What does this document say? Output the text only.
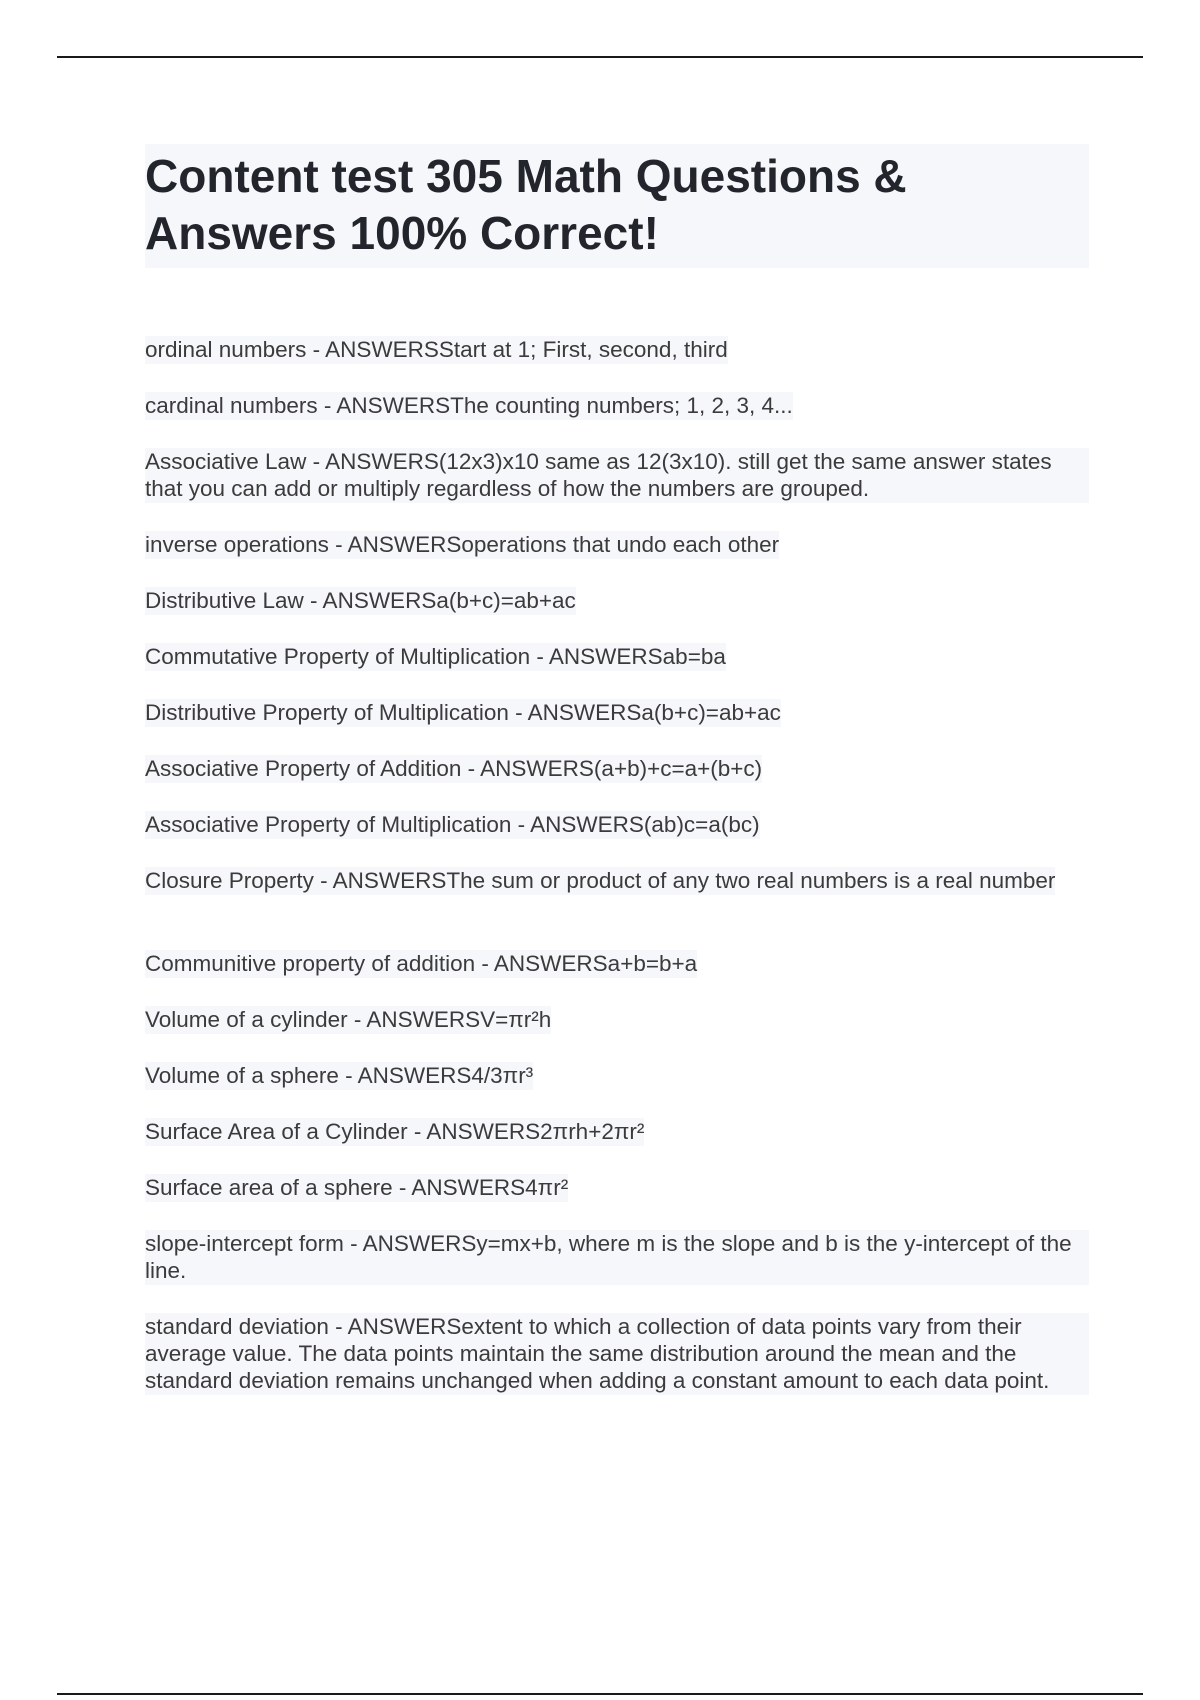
Content test 305 Math Questions & Answers 100% Correct!
ordinal numbers - ANSWERSStart at 1; First, second, third
cardinal numbers - ANSWERSThe counting numbers; 1, 2, 3, 4...
Associative Law - ANSWERS(12x3)x10 same as 12(3x10). still get the same answer states that you can add or multiply regardless of how the numbers are grouped.
inverse operations - ANSWERSoperations that undo each other
Distributive Law - ANSWERSa(b+c)=ab+ac
Commutative Property of Multiplication - ANSWERSab=ba
Distributive Property of Multiplication - ANSWERSa(b+c)=ab+ac
Associative Property of Addition - ANSWERS(a+b)+c=a+(b+c)
Associative Property of Multiplication - ANSWERS(ab)c=a(bc)
Closure Property - ANSWERSThe sum or product of any two real numbers is a real number
Communitive property of addition - ANSWERSa+b=b+a
Volume of a cylinder - ANSWERSV=πr²h
Volume of a sphere - ANSWERS4/3πr³
Surface Area of a Cylinder - ANSWERS2πrh+2πr²
Surface area of a sphere - ANSWERS4πr²
slope-intercept form - ANSWERSy=mx+b, where m is the slope and b is the y-intercept of the line.
standard deviation - ANSWERSextent to which a collection of data points vary from their average value. The data points maintain the same distribution around the mean and the standard deviation remains unchanged when adding a constant amount to each data point.
